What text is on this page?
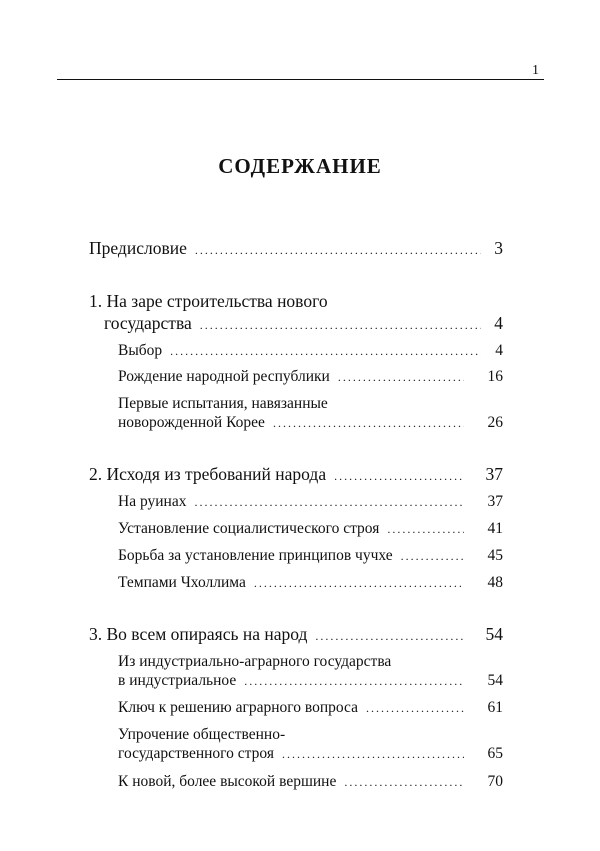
1
СОДЕРЖАНИЕ
Предисловие .....	3
1. На заре строительства нового
государства .....	4
Выбор .....	4
Рождение народной республики .....	16
Первые испытания, навязанные
новорожденной Корее .....	26
2. Исходя из требований народа .....	37
На руинах .....	37
Установление социалистического строя .....	41
Борьба за установление принципов чучхе .....	45
Темпами Чхоллима .....	48
3. Во всем опираясь на народ .....	54
Из индустриально-аграрного государства
в индустриальное .....	54
Ключ к решению аграрного вопроса .....	61
Упрочение общественно-
государственного строя .....	65
К новой, более высокой вершине .....	70
